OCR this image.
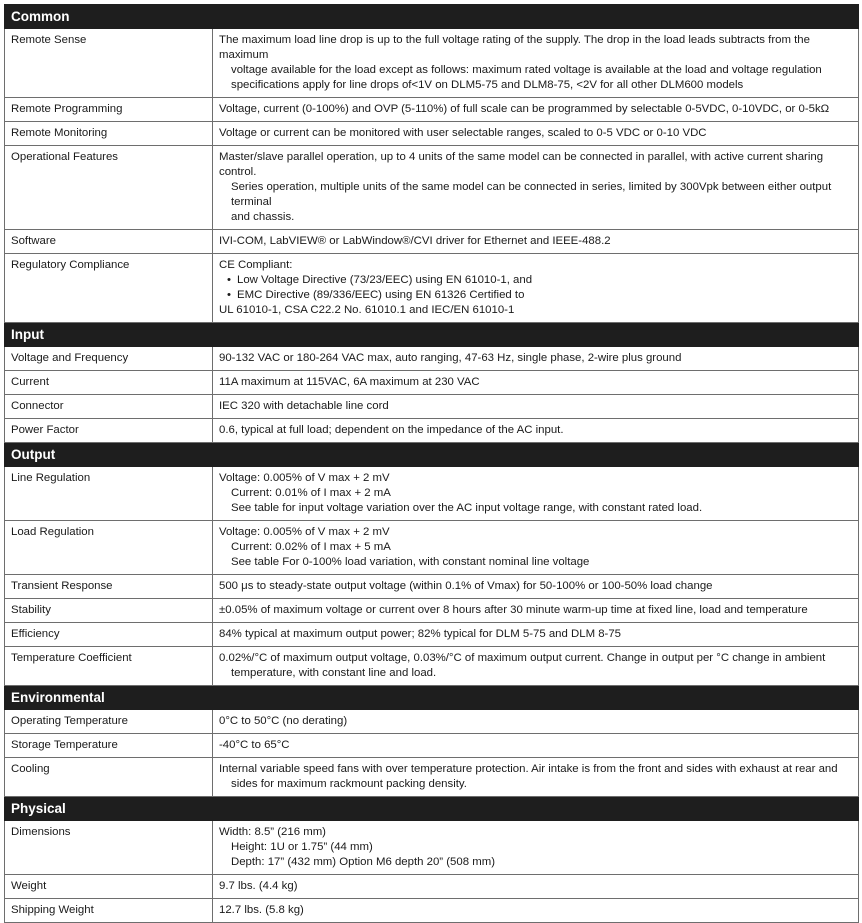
Common	
Remote Sense	The maximum load line drop is up to the full voltage rating of the supply. The drop in the load leads subtracts from the maximum
voltage available for the load except as follows: maximum rated voltage is available at the load and voltage regulation
specifications apply for line drops of<1V on DLM5-75 and DLM8-75, <2V for all other DLM600 models

Remote Programming	Voltage, current (0-100%) and OVP (5-110%) of full scale can be programmed by selectable 0-5VDC, 0-10VDC, or 0-5kΩ

Remote Monitoring	Voltage or current can be monitored with user selectable ranges, scaled to 0-5 VDC or 0-10 VDC

Operational Features	Master/slave parallel operation, up to 4 units of the same model can be connected in parallel, with active current sharing control.
Series operation, multiple units of the same model can be connected in series, limited by 300Vpk between either output terminal
and chassis.

Software	IVI-COM, LabVIEW® or LabWindow®/CVI driver for Ethernet and IEEE-488.2

Regulatory Compliance	CE Compliant:
• Low Voltage Directive (73/23/EEC) using EN 61010-1, and
• EMC Directive (89/336/EEC) using EN 61326 Certified to
UL 61010-1, CSA C22.2 No. 61010.1 and IEC/EN 61010-1

Input	
Voltage and Frequency	90-132 VAC or 180-264 VAC max, auto ranging, 47-63 Hz, single phase, 2-wire plus ground

Current	11A maximum at 115VAC, 6A maximum at 230 VAC

Connector	IEC 320 with detachable line cord

Power Factor	0.6, typical at full load; dependent on the impedance of the AC input.

Output	
Line Regulation	Voltage: 0.005% of V max + 2 mV
Current: 0.01% of I max + 2 mA
See table for input voltage variation over the AC input voltage range, with constant rated load.

Load Regulation	Voltage: 0.005% of V max + 2 mV
Current: 0.02% of I max + 5 mA
See table For 0-100% load variation, with constant nominal line voltage

Transient Response	500 μs to steady-state output voltage (within 0.1% of Vmax) for 50-100% or 100-50% load change

Stability	±0.05% of maximum voltage or current over 8 hours after 30 minute warm-up time at fixed line, load and temperature

Efficiency	84% typical at maximum output power; 82% typical for DLM 5-75 and DLM 8-75

Temperature Coefficient	0.02%/°C of maximum output voltage, 0.03%/°C of maximum output current. Change in output per °C change in ambient
temperature, with constant line and load.

Environmental	
Operating Temperature	0°C to 50°C (no derating)

Storage Temperature	-40°C to 65°C

Cooling	Internal variable speed fans with over temperature protection. Air intake is from the front and sides with exhaust at rear and
sides for maximum rackmount packing density.

Physical	
Dimensions	Width: 8.5” (216 mm)
Height: 1U or 1.75” (44 mm)
Depth: 17” (432 mm) Option M6 depth 20” (508 mm)

Weight	9.7 lbs. (4.4 kg)

Shipping Weight	12.7 lbs. (5.8 kg)
